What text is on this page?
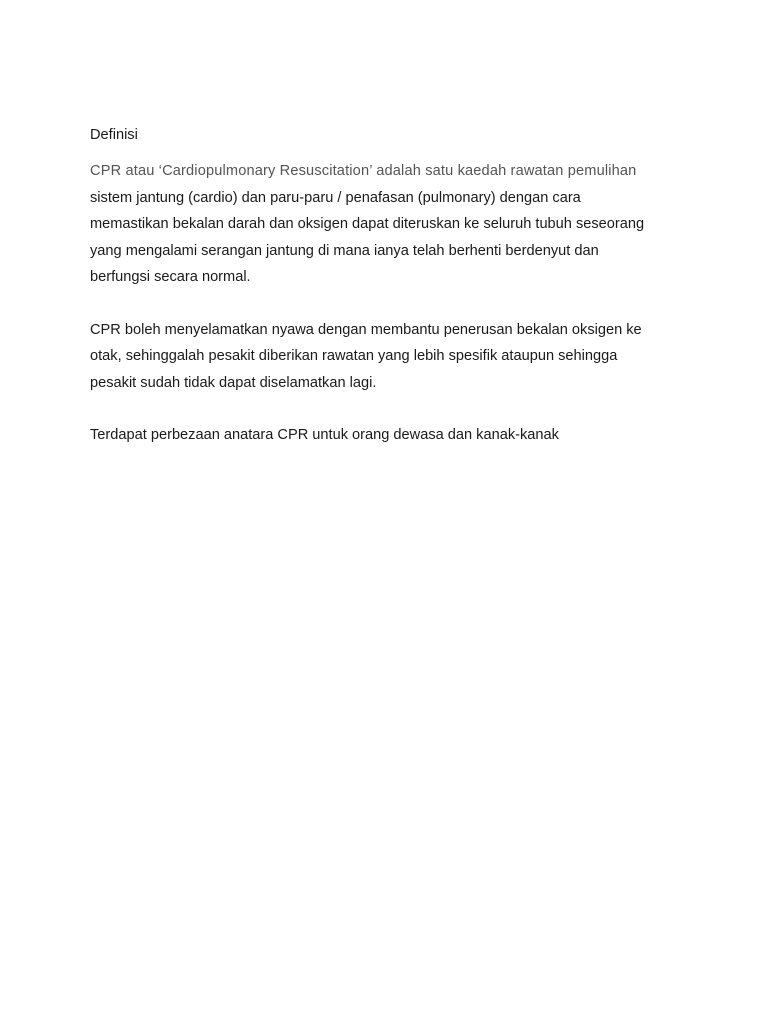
Definisi
CPR atau ‘Cardiopulmonary Resuscitation’ adalah satu kaedah rawatan pemulihan
sistem jantung (cardio) dan paru-paru / penafasan (pulmonary) dengan cara
memastikan bekalan darah dan oksigen dapat diteruskan ke seluruh tubuh seseorang
yang mengalami serangan jantung di mana ianya telah berhenti berdenyut dan
berfungsi secara normal.
CPR boleh menyelamatkan nyawa dengan membantu penerusan bekalan oksigen ke
otak, sehinggalah pesakit diberikan rawatan yang lebih spesifik ataupun sehingga
pesakit sudah tidak dapat diselamatkan lagi.
Terdapat perbezaan anatara CPR untuk orang dewasa dan kanak-kanak
